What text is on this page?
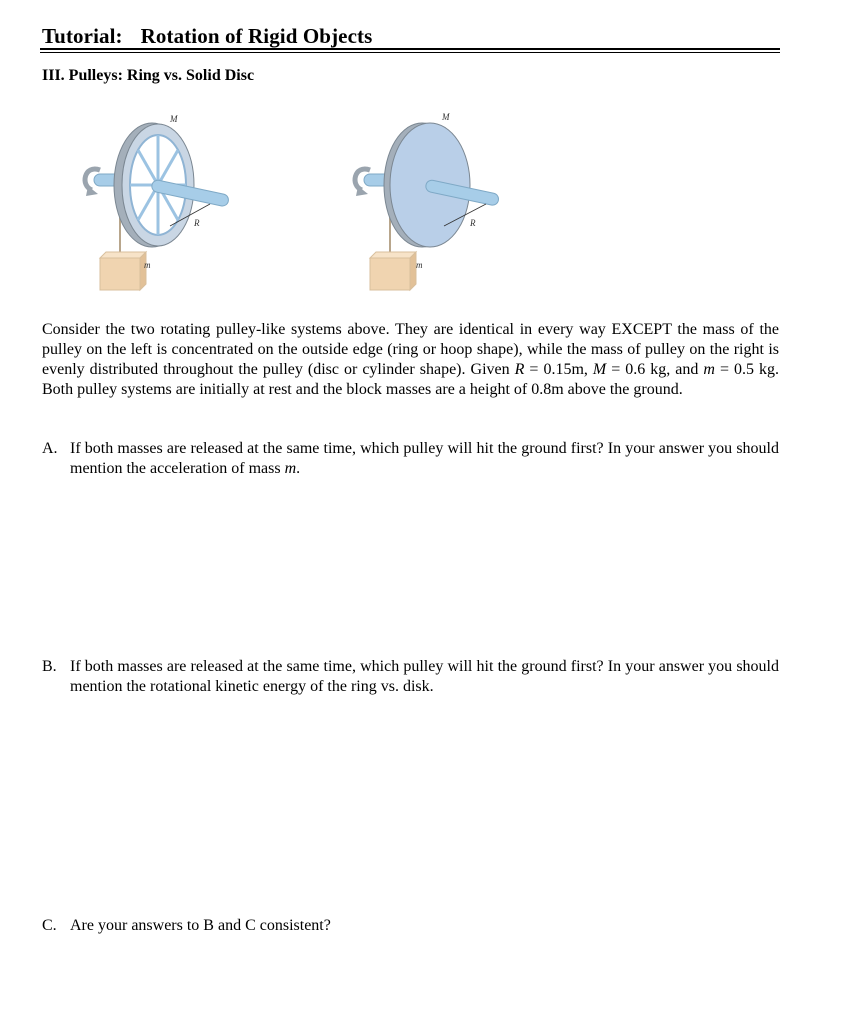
Tutorial: Rotation of Rigid Objects
III. Pulleys: Ring vs. Solid Disc
R
M
m
R
M
m
Consider the two rotating pulley-like systems above. They are identical in every way EXCEPT the mass of the pulley on the left is concentrated on the outside edge (ring or hoop shape), while the mass of pulley on the right is evenly distributed throughout the pulley (disc or cylinder shape). Given R = 0.15m, M = 0.6 kg, and m = 0.5 kg. Both pulley systems are initially at rest and the block masses are a height of 0.8m above the ground.
A. If both masses are released at the same time, which pulley will hit the ground first? In your answer you should mention the acceleration of mass m.
B. If both masses are released at the same time, which pulley will hit the ground first? In your answer you should mention the rotational kinetic energy of the ring vs. disk.
C. Are your answers to B and C consistent?
